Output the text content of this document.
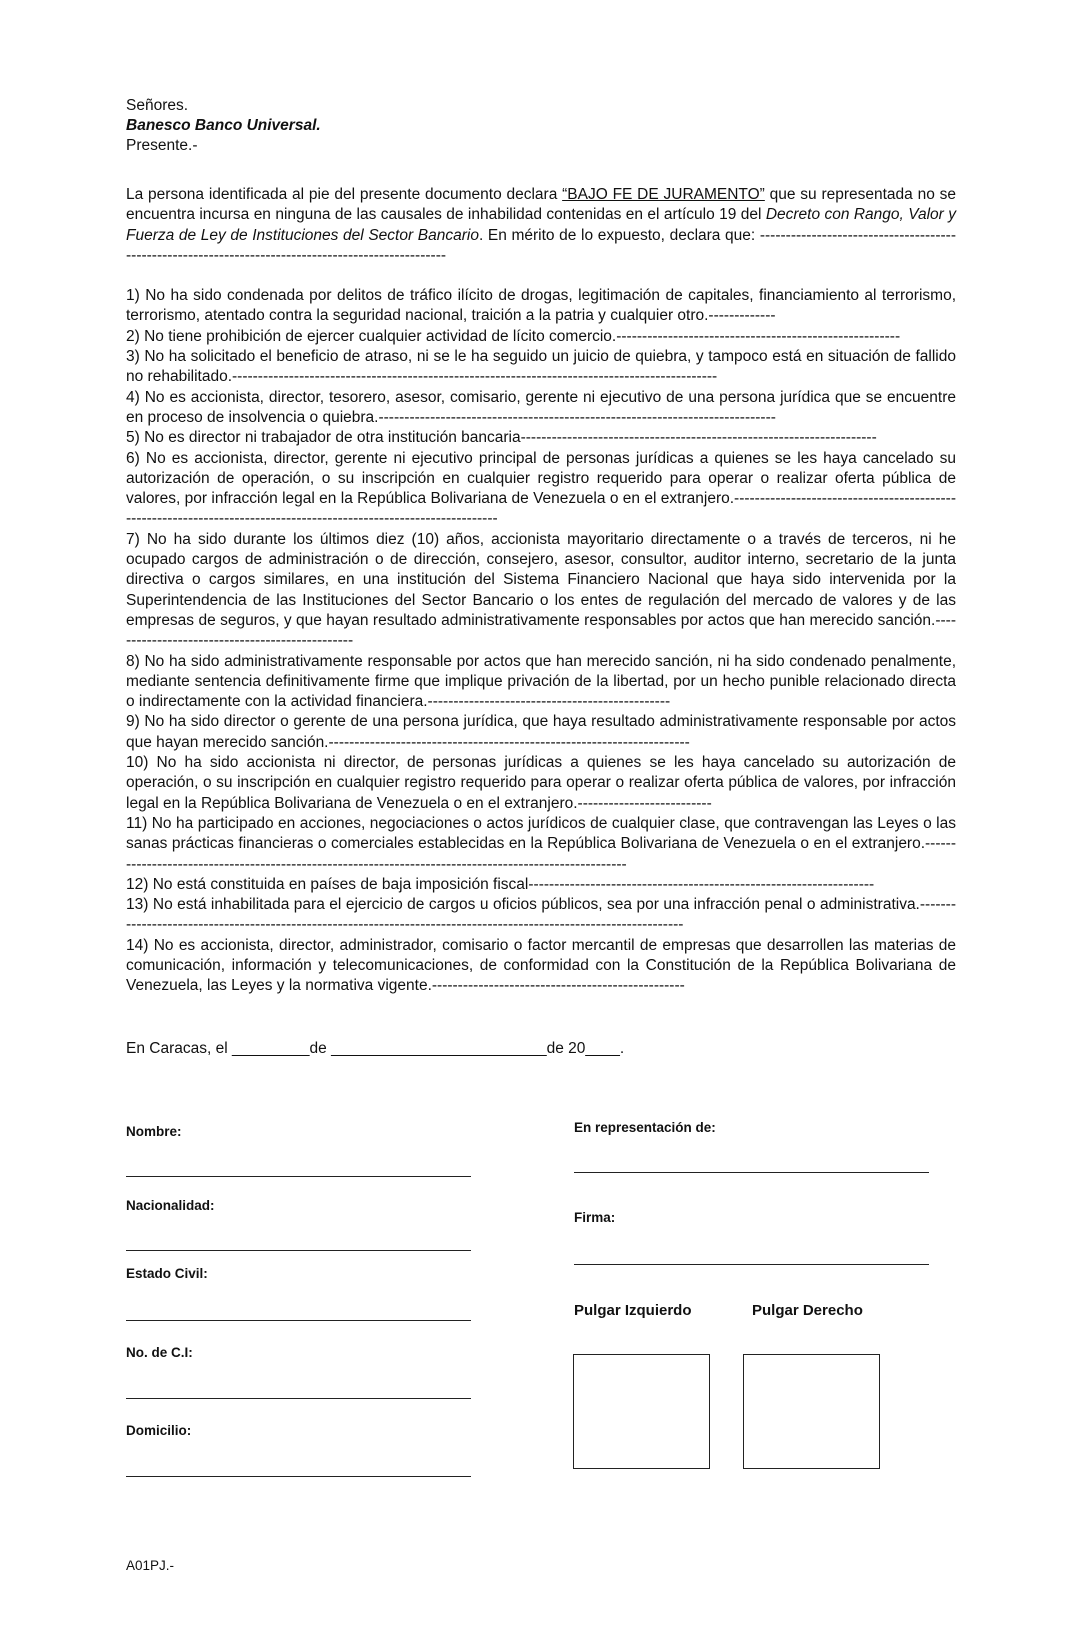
Señores.
Banesco Banco Universal.
Presente.-

La persona identificada al pie del presente documento declara “BAJO FE DE JURAMENTO” que su representada no se encuentra incursa en ninguna de las causales de inhabilidad contenidas en el artículo 19 del Decreto con Rango, Valor y Fuerza de Ley de Instituciones del Sector Bancario. En mérito de lo expuesto, declara que: ----------------------------------------------------------------------------------------------------

1) No ha sido condenada por delitos de tráfico ilícito de drogas, legitimación de capitales, financiamiento al terrorismo, terrorismo, atentado contra la seguridad nacional, traición a la patria y cualquier otro.-------------

2) No tiene prohibición de ejercer cualquier actividad de lícito comercio.-------------------------------------------------------

3) No ha solicitado el beneficio de atraso, ni se le ha seguido un juicio de quiebra, y tampoco está en situación de fallido no rehabilitado.----------------------------------------------------------------------------------------------

4) No es accionista, director, tesorero, asesor, comisario, gerente ni ejecutivo de una persona jurídica que se encuentre en proceso de insolvencia o quiebra.-----------------------------------------------------------------------------

5) No es director ni trabajador de otra institución bancaria---------------------------------------------------------------------

6) No es accionista, director, gerente ni ejecutivo principal de personas jurídicas a quienes se les haya cancelado su autorización de operación, o su inscripción en cualquier registro requerido para operar o realizar oferta pública de valores, por infracción legal en la República Bolivariana de Venezuela o en el extranjero.-------------------------------------------------------------------------------------------------------------------

7) No ha sido durante los últimos diez (10) años, accionista mayoritario directamente o a través de terceros, ni he ocupado cargos de administración o de dirección, consejero, asesor, consultor, auditor interno, secretario de la junta directiva o cargos similares, en una institución del Sistema Financiero Nacional que haya sido intervenida por la Superintendencia de las Instituciones del Sector Bancario o los entes de regulación del mercado de valores y de las empresas de seguros, y que hayan resultado administrativamente responsables por actos que han merecido sanción.------------------------------------------------

8) No ha sido administrativamente responsable por actos que han merecido sanción, ni ha sido condenado penalmente, mediante sentencia definitivamente firme que implique privación de la libertad, por un hecho punible relacionado directa o indirectamente con la actividad financiera.-----------------------------------------------

9) No ha sido director o gerente de una persona jurídica, que haya resultado administrativamente responsable por actos que hayan merecido sanción.----------------------------------------------------------------------

10) No ha sido accionista ni director, de personas jurídicas a quienes se les haya cancelado su autorización de operación, o su inscripción en cualquier registro requerido para operar o realizar oferta pública de valores, por infracción legal en la República Bolivariana de Venezuela o en el extranjero.--------------------------

11) No ha participado en acciones, negociaciones o actos jurídicos de cualquier clase, que contravengan las Leyes o las sanas prácticas financieras o comerciales establecidas en la República Bolivariana de Venezuela o en el extranjero.-------------------------------------------------------------------------------------------------------

12) No está constituida en países de baja imposición fiscal-------------------------------------------------------------------

13) No está inhabilitada para el ejercicio de cargos u oficios públicos, sea por una infracción penal o administrativa.-------------------------------------------------------------------------------------------------------------------

14) No es accionista, director, administrador, comisario o factor mercantil de empresas que desarrollen las materias de comunicación, información y telecomunicaciones, de conformidad con la Constitución de la República Bolivariana de Venezuela, las Leyes y la normativa vigente.-------------------------------------------------

En Caracas, el _________de _________________________de 20____.
Nombre:
Nacionalidad:
Estado Civil:
No. de C.I:
Domicilio:
En representación de:
Firma:
Pulgar Izquierdo	Pulgar Derecho
A01PJ.-
